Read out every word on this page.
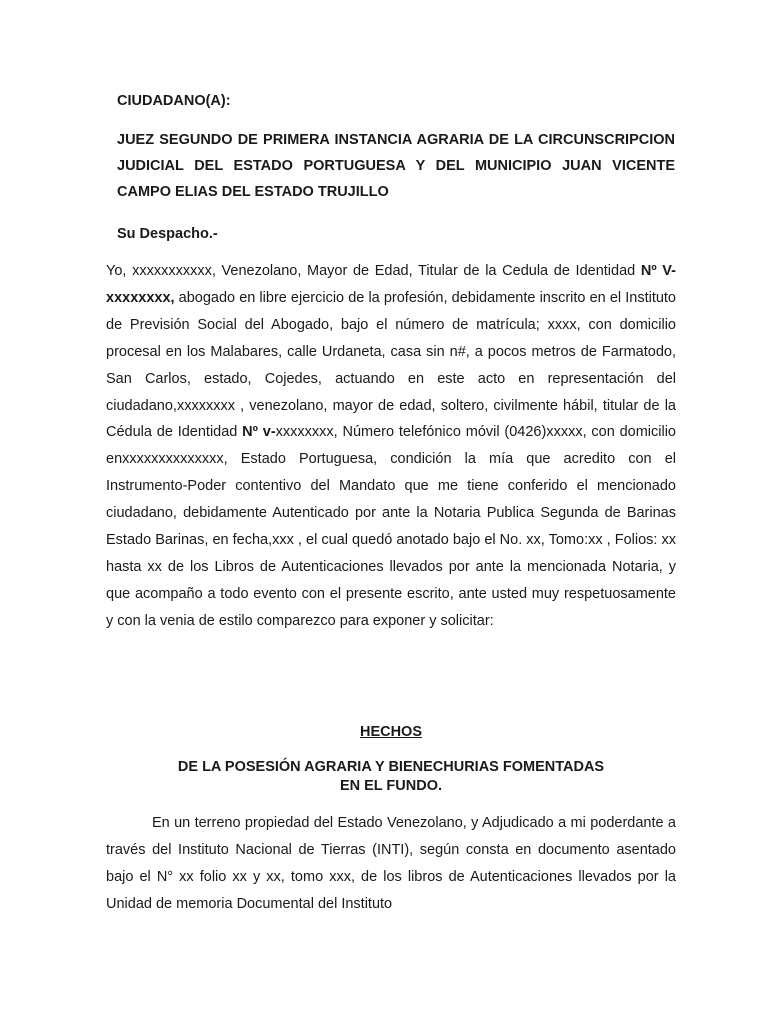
CIUDADANO(A):

JUEZ SEGUNDO DE PRIMERA INSTANCIA AGRARIA DE LA CIRCUNSCRIPCION JUDICIAL DEL ESTADO PORTUGUESA Y DEL MUNICIPIO JUAN VICENTE CAMPO ELIAS DEL ESTADO TRUJILLO

Su Despacho.-

Yo, xxxxxxxxxxx, Venezolano, Mayor de Edad, Titular de la Cedula de Identidad Nº V-xxxxxxxx, abogado en libre ejercicio de la profesión, debidamente inscrito en el Instituto de Previsión Social del Abogado, bajo el número de matrícula; xxxx, con domicilio procesal en los Malabares, calle Urdaneta, casa sin n#, a pocos metros de Farmatodo, San Carlos, estado, Cojedes, actuando en este acto en representación del ciudadano,xxxxxxxx , venezolano, mayor de edad, soltero, civilmente hábil, titular de la Cédula de Identidad Nº v-xxxxxxxx, Número telefónico móvil (0426)xxxxx, con domicilio enxxxxxxxxxxxxxx, Estado Portuguesa, condición la mía que acredito con el Instrumento-Poder contentivo del Mandato que me tiene conferido el mencionado ciudadano, debidamente Autenticado por ante la Notaria Publica Segunda de Barinas Estado Barinas, en fecha,xxx , el cual quedó anotado bajo el No. xx, Tomo:xx , Folios: xx hasta xx de los Libros de Autenticaciones llevados por ante la mencionada Notaria, y que acompaño a todo evento con el presente escrito, ante usted muy respetuosamente y con la venia de estilo comparezco para exponer y solicitar:

HECHOS

DE LA POSESIÓN AGRARIA Y BIENECHURIAS FOMENTADAS
EN EL FUNDO.

En un terreno propiedad del Estado Venezolano, y Adjudicado a mi poderdante a través del Instituto Nacional de Tierras (INTI), según consta en documento asentado bajo el N° xx folio xx y xx, tomo xxx, de los libros de Autenticaciones llevados por la Unidad de memoria Documental del Instituto
